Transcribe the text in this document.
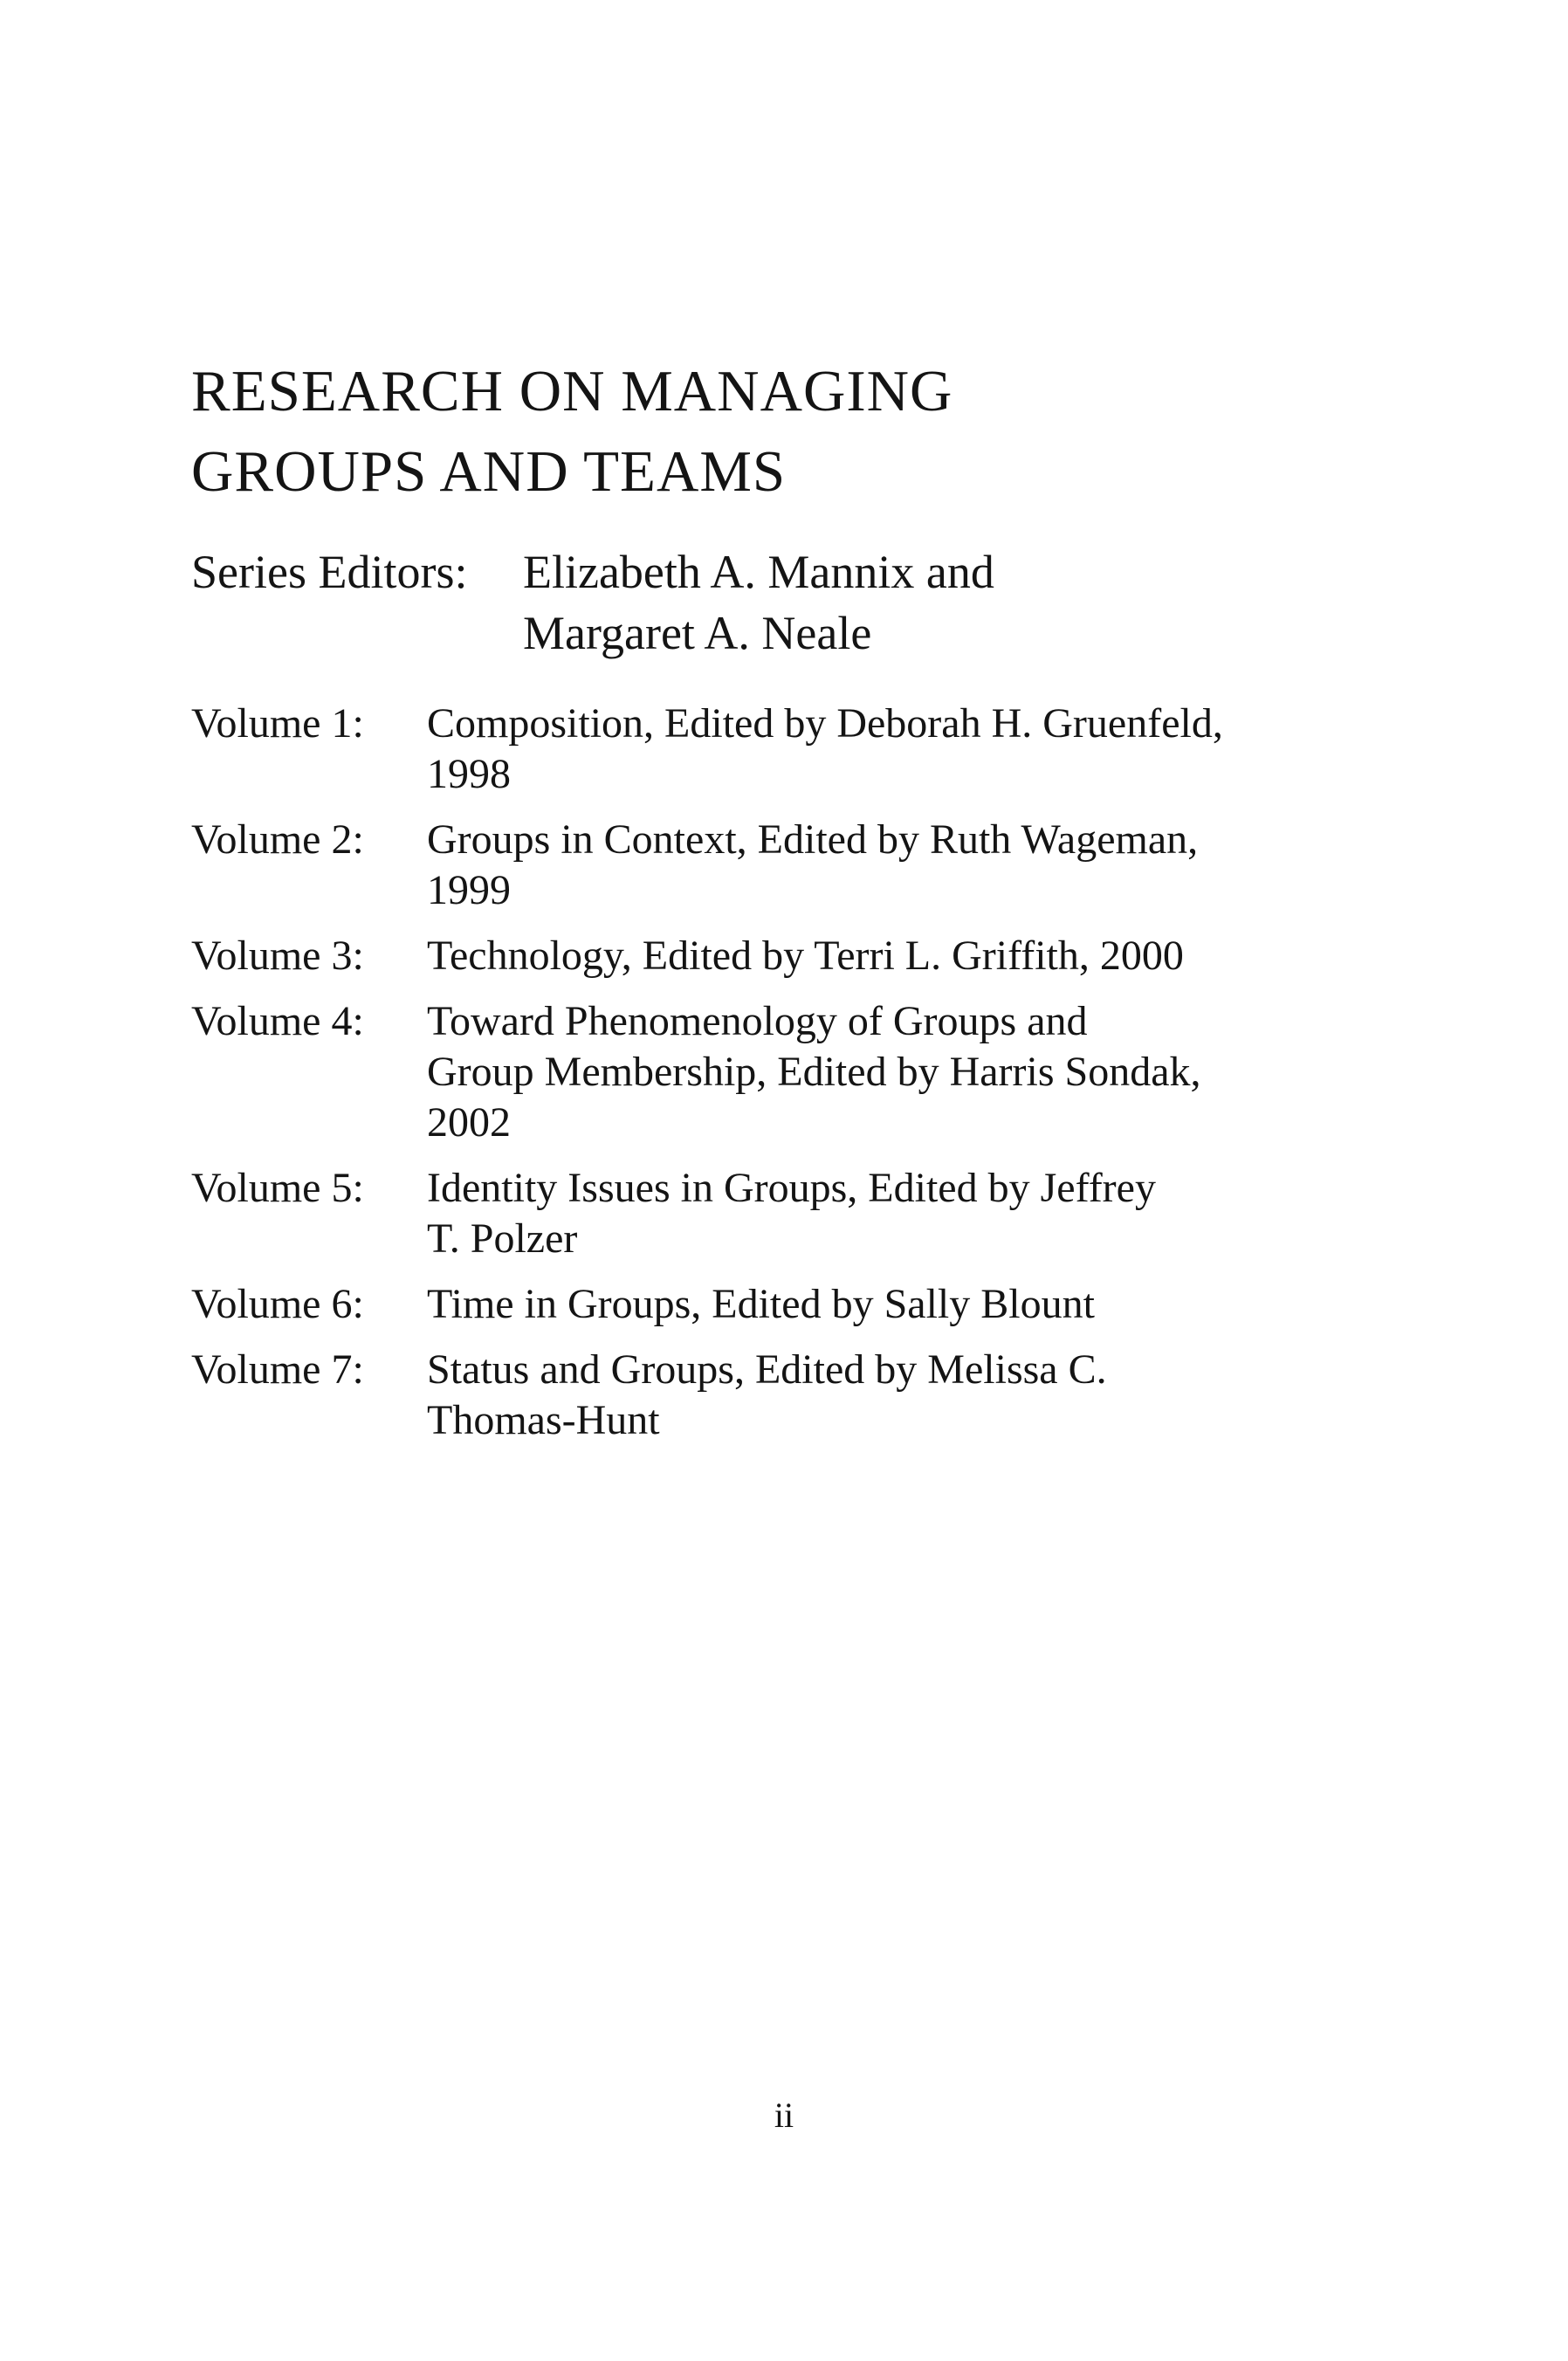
RESEARCH ON MANAGING
GROUPS AND TEAMS
Series Editors:	Elizabeth A. Mannix and
Margaret A. Neale
Volume 1:	Composition, Edited by Deborah H. Gruenfeld,
1998
Volume 2:	Groups in Context, Edited by Ruth Wageman,
1999
Volume 3:	Technology, Edited by Terri L. Griffith, 2000
Volume 4:	Toward Phenomenology of Groups and
Group Membership, Edited by Harris Sondak,
2002
Volume 5:	Identity Issues in Groups, Edited by Jeffrey
T. Polzer
Volume 6:	Time in Groups, Edited by Sally Blount
Volume 7:	Status and Groups, Edited by Melissa C.
Thomas-Hunt
ii
